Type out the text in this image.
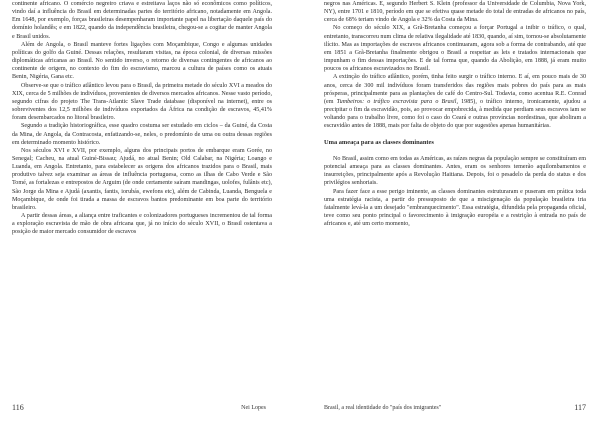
continente africano. O comércio negreiro criava e estreitava laços não só econômicos como políticos, vindo daí a influência do Brasil em determinadas partes do território africano, notadamente em Angola. Em 1648, por exemplo, forças brasileiras desempenharam importante papel na libertação daquele país do domínio holandês; e em 1822, quando da independência brasileira, chegou-se a cogitar de manter Angola e Brasil unidos.

Além de Angola, o Brasil manteve fortes ligações com Moçambique, Congo e algumas unidades políticas do golfo da Guiné. Dessas relações, resultaram visitas, na época colonial, de diversas missões diplomáticas africanas ao Brasil. No sentido inverso, o retorno de diversas contingentes de africanos ao continente de origem, no contexto do fim do escravismo, marcou a cultura de países como os atuais Benin, Nigéria, Gana etc.

Observe-se que o tráfico atlântico levou para o Brasil, da primeira metade do século XVI a meados do XIX, cerca de 5 milhões de indivíduos, provenientes de diversos mercados africanos. Nesse vasto período, segundo cifras do projeto The Trans-Atlantic Slave Trade database (disponível na internet), entre os sobreviventes dos 12,5 milhões de indivíduos exportados da África na condição de escravos, 45,41% foram desembarcados no litoral brasileiro.

Segundo a tradição historiográfica, esse quadro costuma ser estudado em ciclos – da Guiné, da Costa da Mina, de Angola, da Contracosta, enfatizando-se, neles, o predomínio de uma ou outra dessas regiões em determinado momento histórico.

Nos séculos XVI e XVII, por exemplo, alguns dos principais portos de embarque eram Gorée, no Senegal; Cacheu, na atual Guiné-Bissau; Ajudá, no atual Benin; Old Calabar, na Nigéria; Loango e Luanda, em Angola. Entretanto, para estabelecer as origens dos africanos trazidos para o Brasil, mais produtivo talvez seja examinar as áreas de influência portuguesa, como as ilhas de Cabo Verde e São Tomé, as fortalezas e entrepostos de Arguim (de onde certamente saíram mandingas, uolofes, fulânis etc), São Jorge da Mina e Ajudá (axantis, fantis, iorubás, ewefons etc), além de Cabinda, Luanda, Benguela e Moçambique, de onde foi tirada a massa de escravos bantos predominante em boa parte do território brasileiro.

A partir dessas áreas, a aliança entre traficantes e colonizadores portugueses incrementou de tal forma a exploração escravista de mão de obra africana que, já no início do século XVII, o Brasil ostentava a posição de maior mercado consumidor de escravos

negros nas Américas. E, segundo Herbert S. Klein (professor da Universidade de Columbia, Nova York, NY), entre 1701 e 1810, período em que se efetiva quase metade do total de entradas de africanos no país, cerca de 68% teriam vindo de Angola e 32% da Costa da Mina.

No começo do século XIX, a Grã-Bretanha começou a forçar Portugal a inibir o tráfico, o qual, entretanto, transcorreu num clima de relativa ilegalidade até 1830, quando, aí sim, tornou-se absolutamente ilícito. Mas as importações de escravos africanos continuaram, agora sob a forma de contrabando, até que em 1851 a Grã-Bretanha finalmente obrigou o Brasil a respeitar as leis e tratados internacionais que impunham o fim dessas importações. E de tal forma que, quando da Abolição, em 1888, já eram muito poucos os africanos escravizados no Brasil.

A extinção do tráfico atlântico, porém, tinha feito surgir o tráfico interno. E aí, em pouco mais de 30 anos, cerca de 300 mil indivíduos foram transferidos das regiões mais pobres do país para as mais prósperas, principalmente para as plantações de café do Centro-Sul. Todavia, como acentua R.E. Conrad (em Tumbeiros: o tráfico escravista para o Brasil, 1985), o tráfico interno, ironicamente, ajudou a precipitar o fim da escravidão, pois, ao provocar empobrecida, à medida que perdiam seus escravos iam se voltando para o trabalho livre, como foi o caso do Ceará e outras províncias nordestinas, que aboliram a escravidão antes de 1888, mais por falta de objeto do que por sugestões apenas humanitárias.

Uma ameaça para as classes dominantes

No Brasil, assim como em todas as Américas, as raízes negras da população sempre se constituíram em potencial ameaça para as classes dominantes. Antes, eram os senhores temerão aquilombamentos e insurreições, principalmente após a Revolução Haitiana. Depois, foi o pesadelo da perda do status e dos privilégios senhoriais.

Para fazer face a esse perigo iminente, as classes dominantes estruturaram e puseram em prática toda uma estratégia racista, a partir do pressuposto de que a miscigenação da população brasileira iria fatalmente levá-la a um desejado "embranquecimento". Essa estratégia, difundida pela propaganda oficial, teve como seu ponto principal o favorecimento à imigração européia e a restrição à entrada no país de africanos e, até um certo momento,

116	Nei Lopes	Brasil, a real identidade do "país dos imigrantes"	117
